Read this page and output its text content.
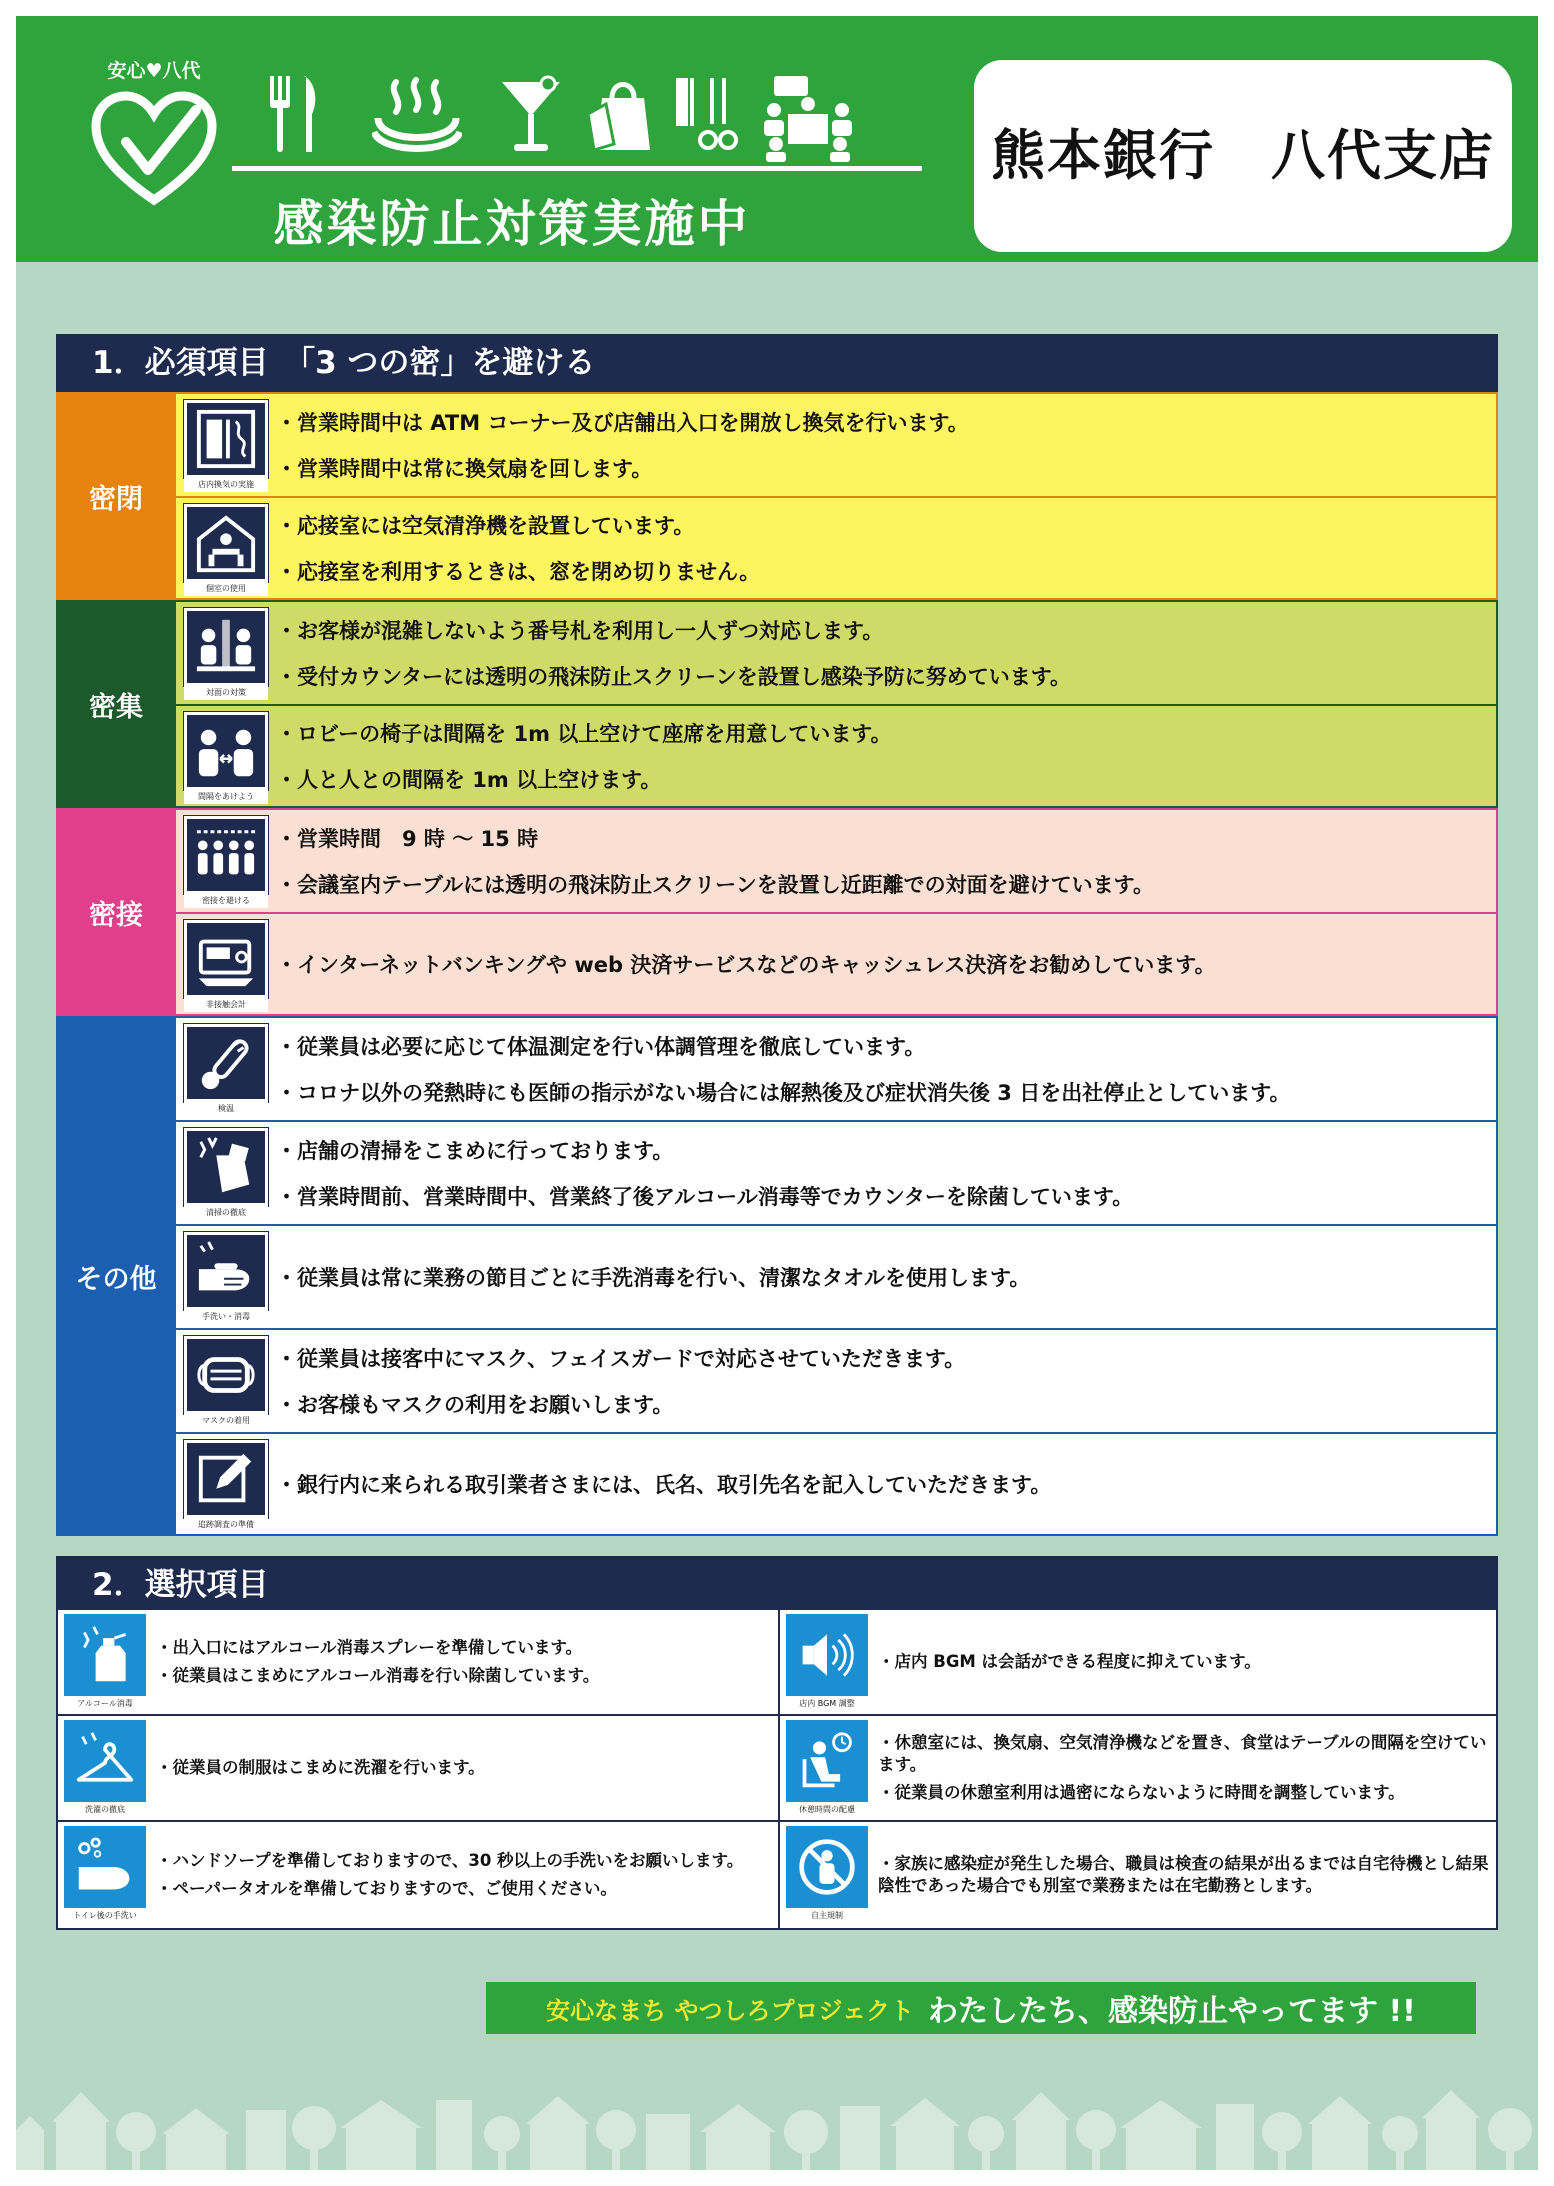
安心♥八代
感染防止対策実施中
熊本銀行　八代支店
1．必須項目　「3 つの密」を避ける
密閉	店内換気の実施
・営業時間中は ATM コーナー及び店舗出入口を開放し換気を行います。
・営業時間中は常に換気扇を回します。
個室の使用
・応接室には空気清浄機を設置しています。
・応接室を利用するときは、窓を閉め切りません。
密集	対面の対策
・お客様が混雑しないよう番号札を利用し一人ずつ対応します。
・受付カウンターには透明の飛沫防止スクリーンを設置し感染予防に努めています。
間隔をあけよう
・ロビーの椅子は間隔を 1m 以上空けて座席を用意しています。
・人と人との間隔を 1m 以上空けます。
密接	密接を避ける
・営業時間　9 時 ～ 15 時
・会議室内テーブルには透明の飛沫防止スクリーンを設置し近距離での対面を避けています。
非接触会計
・インターネットバンキングや web 決済サービスなどのキャッシュレス決済をお勧めしています。
その他
検温
・従業員は必要に応じて体温測定を行い体調管理を徹底しています。
・コロナ以外の発熱時にも医師の指示がない場合には解熱後及び症状消失後 3 日を出社停止としています。
清掃の徹底
・店舗の清掃をこまめに行っております。
・営業時間前、営業時間中、営業終了後アルコール消毒等でカウンターを除菌しています。
手洗い・消毒
・従業員は常に業務の節目ごとに手洗消毒を行い、清潔なタオルを使用します。
マスクの着用
・従業員は接客中にマスク、フェイスガードで対応させていただきます。
・お客様もマスクの利用をお願いします。
追跡調査の準備
・銀行内に来られる取引業者さまには、氏名、取引先名を記入していただきます。
2．選択項目
アルコール消毒
・出入口にはアルコール消毒スプレーを準備しています。
・従業員はこまめにアルコール消毒を行い除菌しています。
店内 BGM 調整
・店内 BGM は会話ができる程度に抑えています。
洗濯の徹底
・従業員の制服はこまめに洗濯を行います。
休憩時間の配慮
・休憩室には、換気扇、空気清浄機などを置き、食堂はテーブルの間隔を空けています。
・従業員の休憩室利用は過密にならないように時間を調整しています。
トイレ後の手洗い
・ハンドソープを準備しておりますので、30 秒以上の手洗いをお願いします。
・ペーパータオルを準備しておりますので、ご使用ください。
自主規制
・家族に感染症が発生した場合、職員は検査の結果が出るまでは自宅待機とし結果陰性であった場合でも別室で業務または在宅勤務とします。
安心なまち やつしろプロジェクト わたしたち、感染防止やってます !!
